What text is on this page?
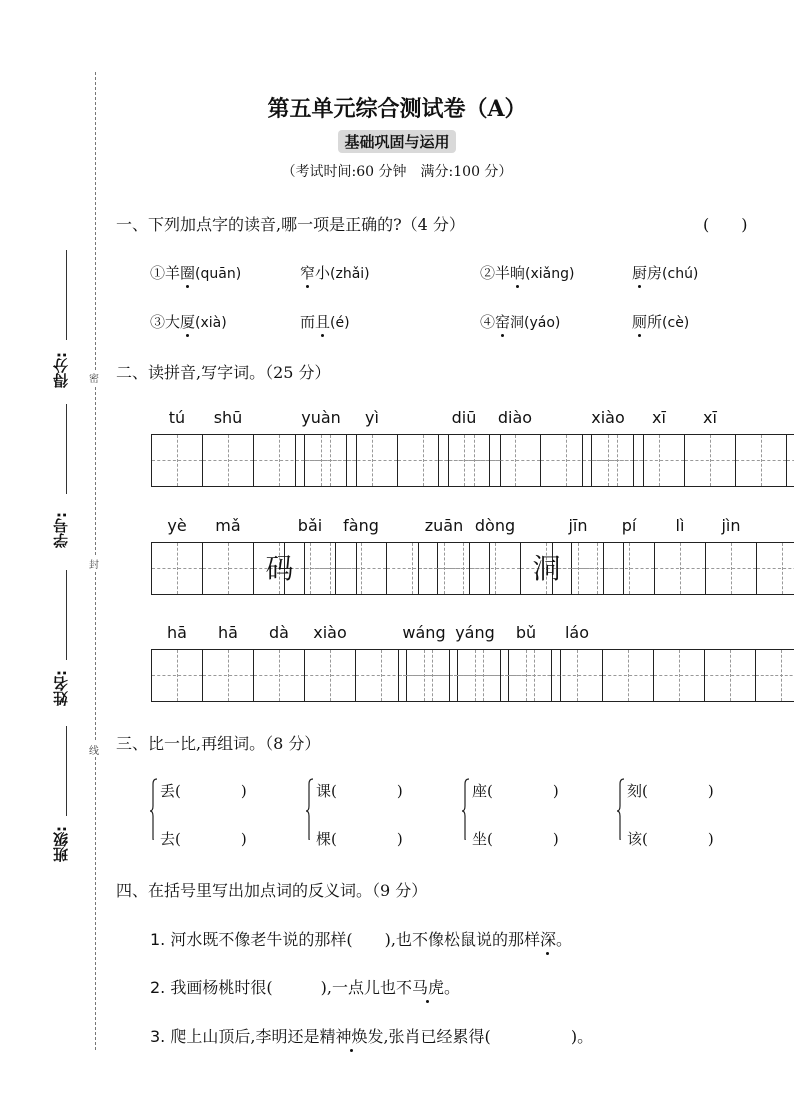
得分:
学号:
姓名:
班级:
密
封
线
第五单元综合测试卷（A）
基础巩固与运用
（考试时间:60 分钟　满分:100 分）
一、下列加点字的读音,哪一项是正确的?（4 分）	(　　)
①羊圈(quān)	窄小(zhǎi)	②半晌(xiǎng)	厨房(chú)
③大厦(xià)	而且(é)	④窑洞(yáo)	厕所(cè)
二、读拼音,写字词。（25 分）
tú	shū	yuàn	yì	diū	diào	xiào	xī	xī
yè	mǎ
码
bǎi	fàng	zuān dòng
洞
jīn	pí	lì	jìn
hā	hā	dà	xiào	wáng yáng	bǔ	láo
三、比一比,再组词。（8 分）
丢(　　　　	)
去(　　　　	)
课(　　　　	)
棵(　　　　	)
座(　　　　	)
坐(　　　　	)
刻(　　　　	)
该(　　　　	)
四、在括号里写出加点词的反义词。（9 分）
1. 河水既不像老牛说的那样(　　 ),也不像松鼠说的那样深。
2. 我画杨桃时很(　　　	),一点儿也不马虎。
3. 爬上山顶后,李明还是精神焕发,张肖已经累得(　　　　　	)。
